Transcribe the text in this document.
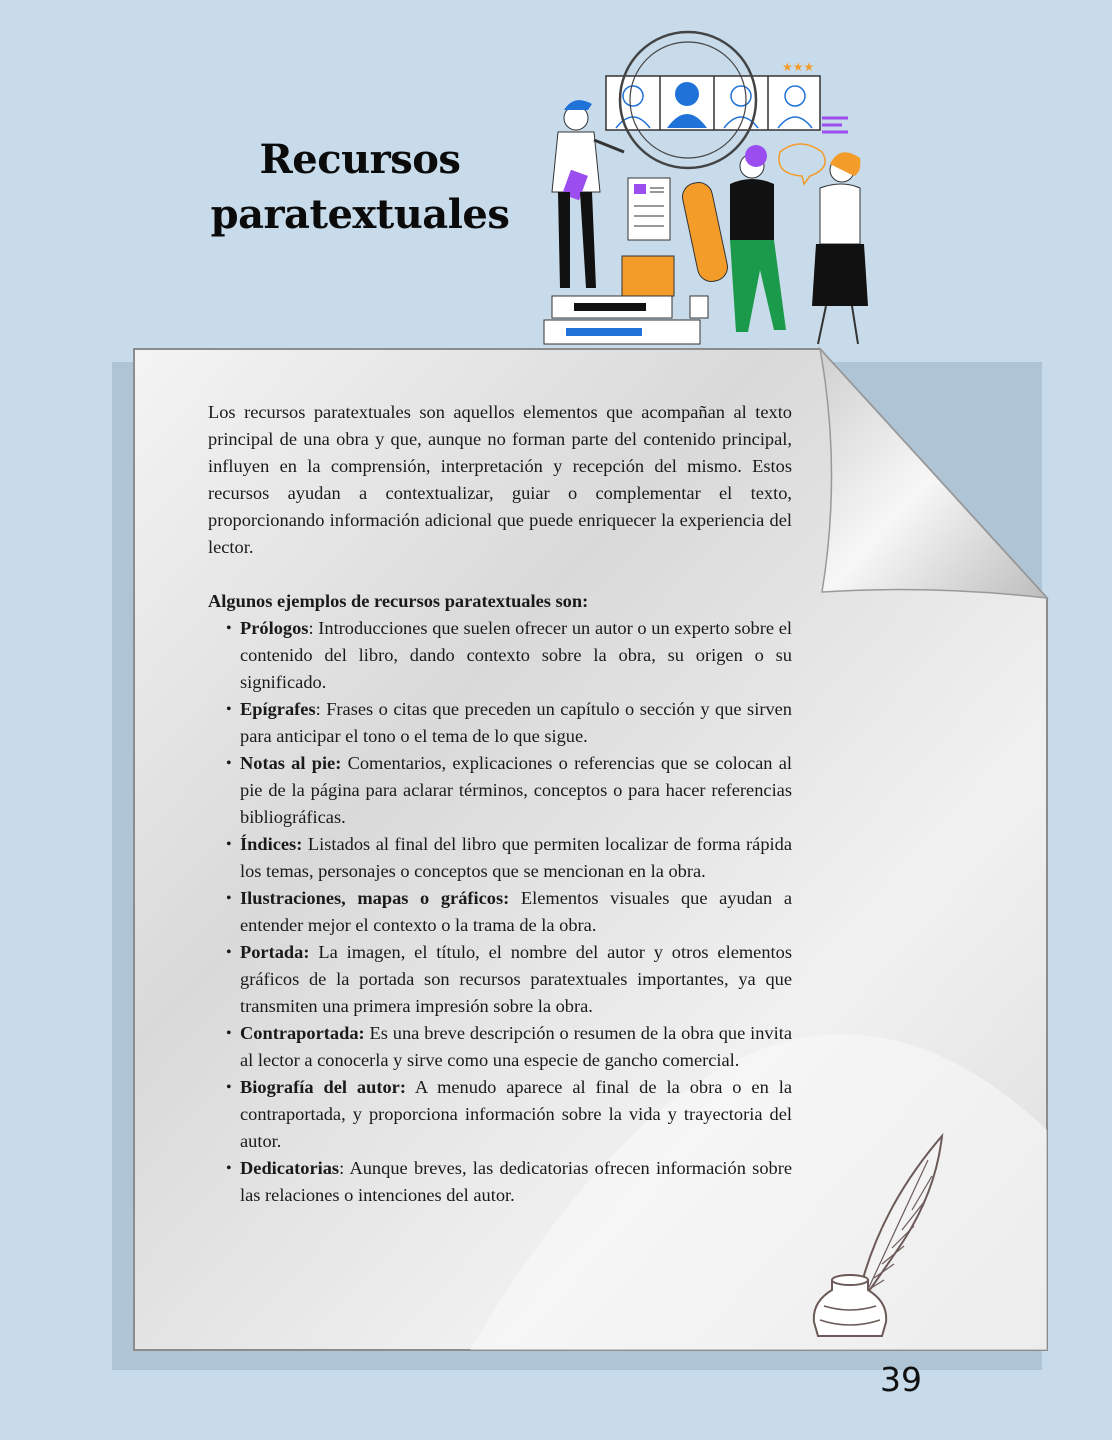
Recursos
paratextuales
★★★

Los recursos paratextuales son aquellos elementos que acompañan al texto principal de una obra y que, aunque no forman parte del contenido principal, influyen en la comprensión, interpretación y recepción del mismo. Estos recursos ayudan a contextualizar, guiar o complementar el texto, proporcionando información adicional que puede enriquecer la experiencia del lector.

Algunos ejemplos de recursos paratextuales son:

• Prólogos: Introducciones que suelen ofrecer un autor o un experto sobre el contenido del libro, dando contexto sobre la obra, su origen o su significado.
• Epígrafes: Frases o citas que preceden un capítulo o sección y que sirven para anticipar el tono o el tema de lo que sigue.
• Notas al pie: Comentarios, explicaciones o referencias que se colocan al pie de la página para aclarar términos, conceptos o para hacer referencias bibliográficas.
• Índices: Listados al final del libro que permiten localizar de forma rápida los temas, personajes o conceptos que se mencionan en la obra.
• Ilustraciones, mapas o gráficos: Elementos visuales que ayudan a entender mejor el contexto o la trama de la obra.
• Portada: La imagen, el título, el nombre del autor y otros elementos gráficos de la portada son recursos paratextuales importantes, ya que transmiten una primera impresión sobre la obra.
• Contraportada: Es una breve descripción o resumen de la obra que invita al lector a conocerla y sirve como una especie de gancho comercial.
• Biografía del autor: A menudo aparece al final de la obra o en la contraportada, y proporciona información sobre la vida y trayectoria del autor.
• Dedicatorias: Aunque breves, las dedicatorias ofrecen información sobre las relaciones o intenciones del autor.
39
